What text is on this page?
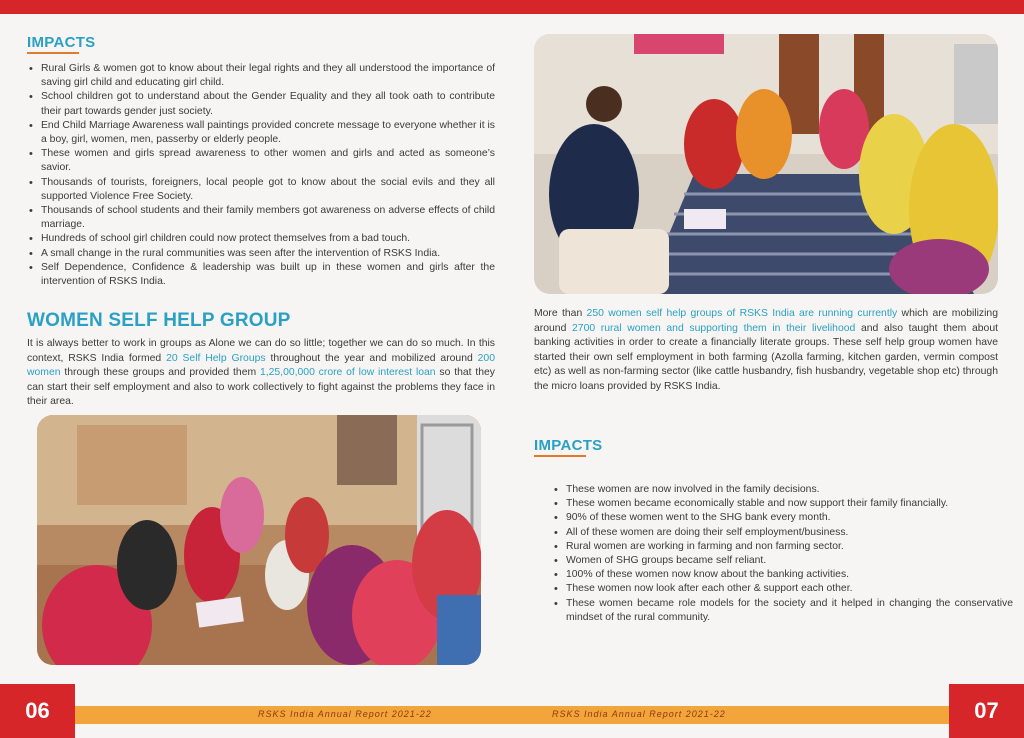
IMPACTS
• Rural Girls & women got to know about their legal rights and they all understood the importance of saving girl child and educating girl child.
• School children got to understand about the Gender Equality and they all took oath to contribute their part towards gender just society.
• End Child Marriage Awareness wall paintings provided concrete message to everyone whether it is a boy, girl, women, men, passerby or elderly people.
• These women and girls spread awareness to other women and girls and acted as someone’s savior.
• Thousands of tourists, foreigners, local people got to know about the social evils and they all supported Violence Free Society.
• Thousands of school students and their family members got awareness on adverse effects of child marriage.
• Hundreds of school girl children could now protect themselves from a bad touch.
• A small change in the rural communities was seen after the intervention of RSKS India.
• Self Dependence, Confidence & leadership was built up in these women and girls after the intervention of RSKS India.
WOMEN SELF HELP GROUP

It is always better to work in groups as Alone we can do so little; together we can do so much. In this context, RSKS India formed 20 Self Help Groups throughout the year and mobilized around 200 women through these groups and provided them 1,25,00,000 crore of low interest loan so that they can start their self employment and also to work collectively to fight against the problems they face in their area.

06

More than 250 women self help groups of RSKS India are running currently which are mobilizing around 2700 rural women and supporting them in their livelihood and also taught them about banking activities in order to create a financially literate groups. These self help group women have started their own self employment in both farming (Azolla farming, kitchen garden, vermin compost etc) as well as non-farming sector (like cattle husbandry, fish husbandry, vegetable shop etc) through the micro loans provided by RSKS India.

IMPACTS
• These women are now involved in the family decisions.
• These women became economically stable and now support their family financially.
• 90% of these women went to the SHG bank every month.
• All of these women are doing their self employment/business.
• Rural women are working in farming and non farming sector.
• Women of SHG groups became self reliant.
• 100% of these women now know about the banking activities.
• These women now look after each other & support each other.
• These women became role models for the society and it helped in changing the conservative mindset of the rural community.
07
RSKS India Annual Report 2021-22	RSKS India Annual Report 2021-22
